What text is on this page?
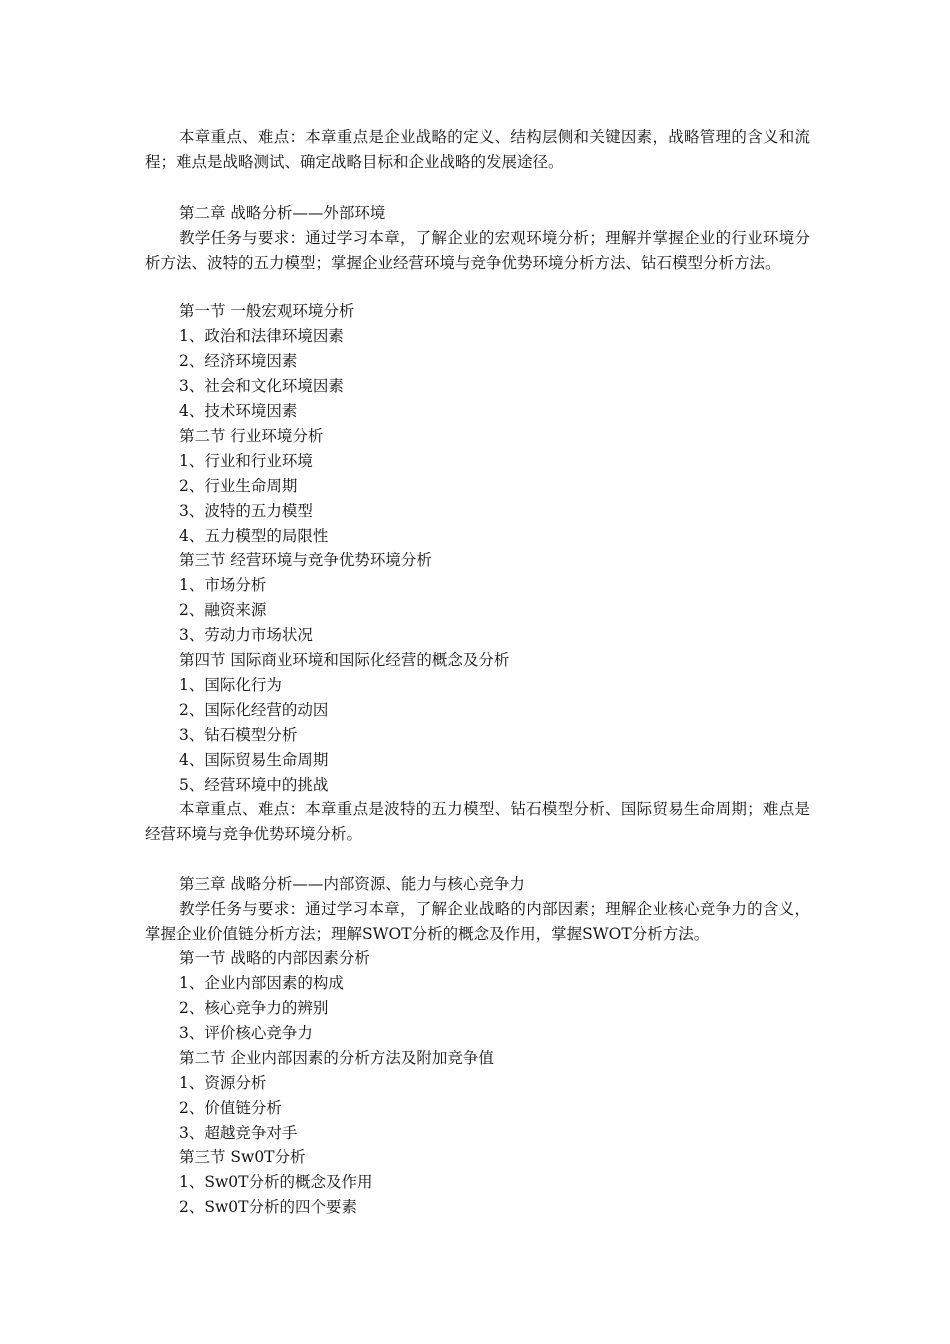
本章重点、难点：本章重点是企业战略的定义、结构层侧和关键因素，战略管理的含义和流程；难点是战略测试、确定战略目标和企业战略的发展途径。
第二章 战略分析——外部环境
教学任务与要求：通过学习本章，了解企业的宏观环境分析；理解并掌握企业的行业环境分析方法、波特的五力模型；掌握企业经营环境与竞争优势环境分析方法、钻石模型分析方法。
第一节 一般宏观环境分析
1、政治和法律环境因素
2、经济环境因素
3、社会和文化环境因素
4、技术环境因素
第二节 行业环境分析
1、行业和行业环境
2、行业生命周期
3、波特的五力模型
4、五力模型的局限性
第三节 经营环境与竞争优势环境分析
1、市场分析
2、融资来源
3、劳动力市场状况
第四节 国际商业环境和国际化经营的概念及分析
1、国际化行为
2、国际化经营的动因
3、钻石模型分析
4、国际贸易生命周期
5、经营环境中的挑战
本章重点、难点：本章重点是波特的五力模型、钻石模型分析、国际贸易生命周期；难点是经营环境与竞争优势环境分析。
第三章 战略分析——内部资源、能力与核心竞争力
教学任务与要求：通过学习本章，了解企业战略的内部因素；理解企业核心竞争力的含义，掌握企业价值链分析方法；理解SWOT分析的概念及作用，掌握SWOT分析方法。
第一节 战略的内部因素分析
1、企业内部因素的构成
2、核心竞争力的辨别
3、评价核心竞争力
第二节 企业内部因素的分析方法及附加竞争值
1、资源分析
2、价值链分析
3、超越竞争对手
第三节 Sw0T分析
1、Sw0T分析的概念及作用
2、Sw0T分析的四个要素
